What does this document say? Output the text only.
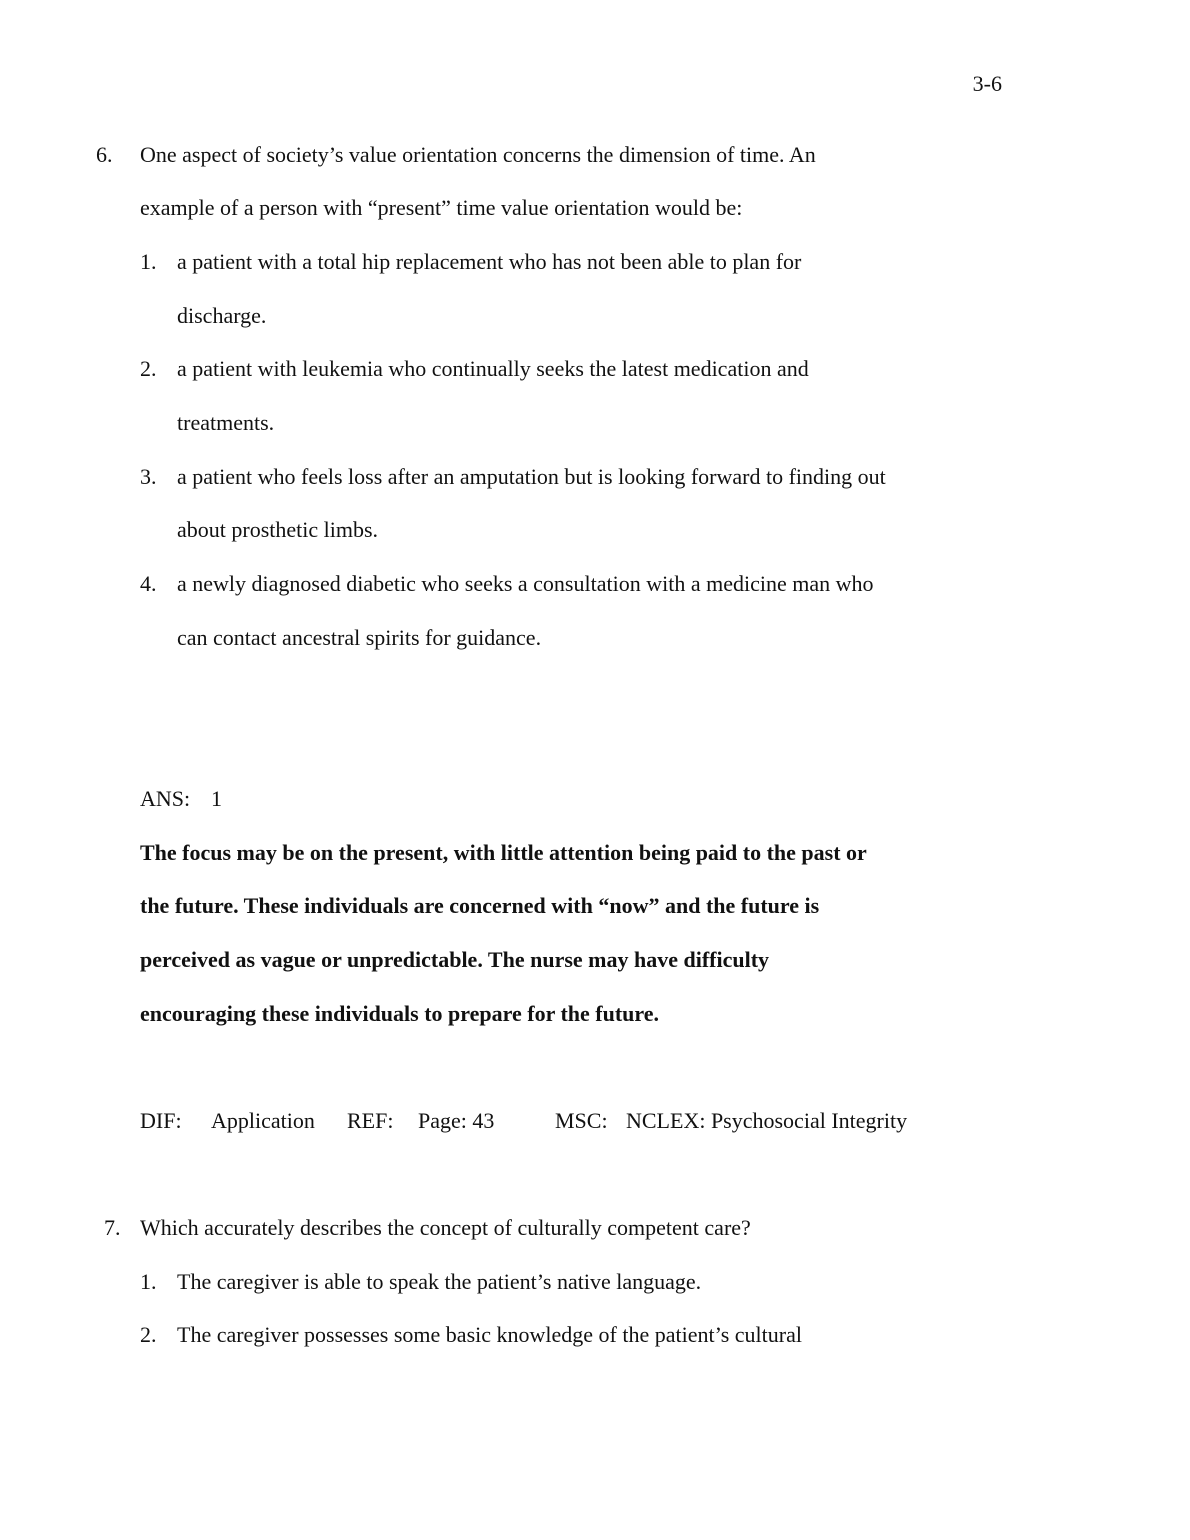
3-6
6. One aspect of society’s value orientation concerns the dimension of time. An
example of a person with “present” time value orientation would be:
1. a patient with a total hip replacement who has not been able to plan for
discharge.
2. a patient with leukemia who continually seeks the latest medication and
treatments.
3. a patient who feels loss after an amputation but is looking forward to finding out
about prosthetic limbs.
4. a newly diagnosed diabetic who seeks a consultation with a medicine man who
can contact ancestral spirits for guidance.
ANS: 1
The focus may be on the present, with little attention being paid to the past or
the future. These individuals are concerned with “now” and the future is
perceived as vague or unpredictable. The nurse may have difficulty
encouraging these individuals to prepare for the future.
DIF: Application REF: Page: 43	MSC: NCLEX: Psychosocial Integrity
7. Which accurately describes the concept of culturally competent care?
1. The caregiver is able to speak the patient’s native language.
2. The caregiver possesses some basic knowledge of the patient’s cultural
